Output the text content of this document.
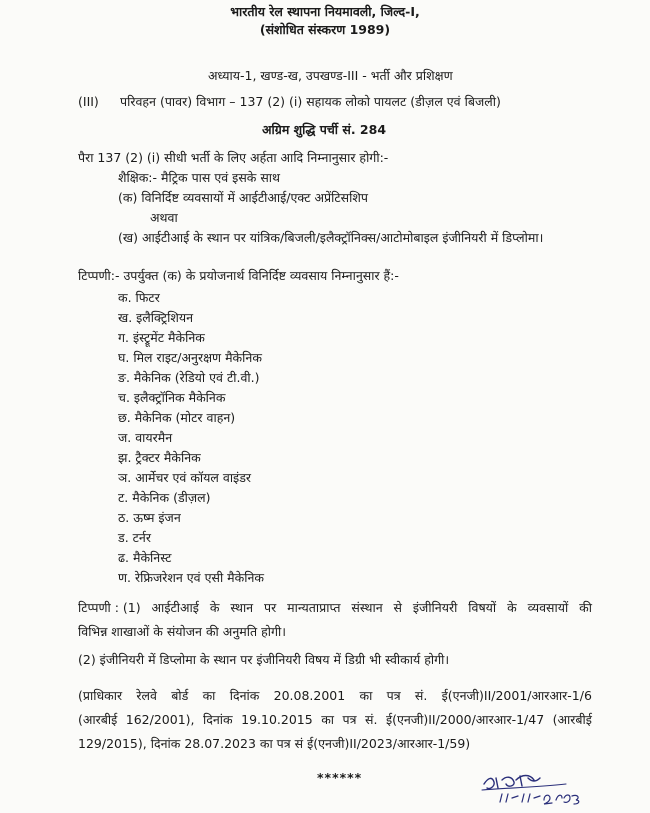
भारतीय रेल स्थापना नियमावली, जिल्द-I,
(संशोधित संस्करण 1989)
अध्याय-1, खण्ड-ख, उपखण्ड-III - भर्ती और प्रशिक्षण
(III) परिवहन (पावर) विभाग – 137 (2) (i) सहायक लोको पायलट (डीज़ल एवं बिजली)
अग्रिम शुद्धि पर्ची सं. 284
पैरा 137 (2) (i) सीधी भर्ती के लिए अर्हता आदि निम्नानुसार होगी:-
शैक्षिक:- मैट्रिक पास एवं इसके साथ
(क) विनिर्दिष्ट व्यवसायों में आईटीआई/एक्ट अप्रेंटिसशिप
अथवा
(ख) आईटीआई के स्थान पर यांत्रिक/बिजली/इलैक्ट्रॉनिक्स/आटोमोबाइल इंजीनियरी में डिप्लोमा।
टिप्पणी:- उपर्युक्त (क) के प्रयोजनार्थ विनिर्दिष्ट व्यवसाय निम्नानुसार हैं:-
क. फिटर
ख. इलैक्ट्रिशियन
ग. इंस्ट्रूमेंट मैकेनिक
घ. मिल राइट/अनुरक्षण मैकेनिक
ङ. मैकेनिक (रेडियो एवं टी.वी.)
च. इलैक्ट्रॉनिक मैकेनिक
छ. मैकेनिक (मोटर वाहन)
ज. वायरमैन
झ. ट्रैक्टर मैकेनिक
ञ. आर्मेचर एवं कॉयल वाइंडर
ट. मैकेनिक (डीज़ल)
ठ. ऊष्म इंजन
ड. टर्नर
ढ. मैकेनिस्ट
ण. रेफ्रिजरेशन एवं एसी मैकेनिक
टिप्पणी : (1) आईटीआई के स्थान पर मान्यताप्राप्त संस्थान से इंजीनियरी विषयों के व्यवसायों की
विभिन्न शाखाओं के संयोजन की अनुमति होगी।
(2) इंजीनियरी में डिप्लोमा के स्थान पर इंजीनियरी विषय में डिग्री भी स्वीकार्य होगी।
(प्राधिकार रेलवे बोर्ड का दिनांक 20.08.2001 का पत्र सं. ई(एनजी)II/2001/आरआर-1/6
(आरबीई 162/2001), दिनांक 19.10.2015 का पत्र सं. ई(एनजी)II/2000/आरआर-1/47 (आरबीई
129/2015), दिनांक 28.07.2023 का पत्र सं ई(एनजी)II/2023/आरआर-1/59)
******
